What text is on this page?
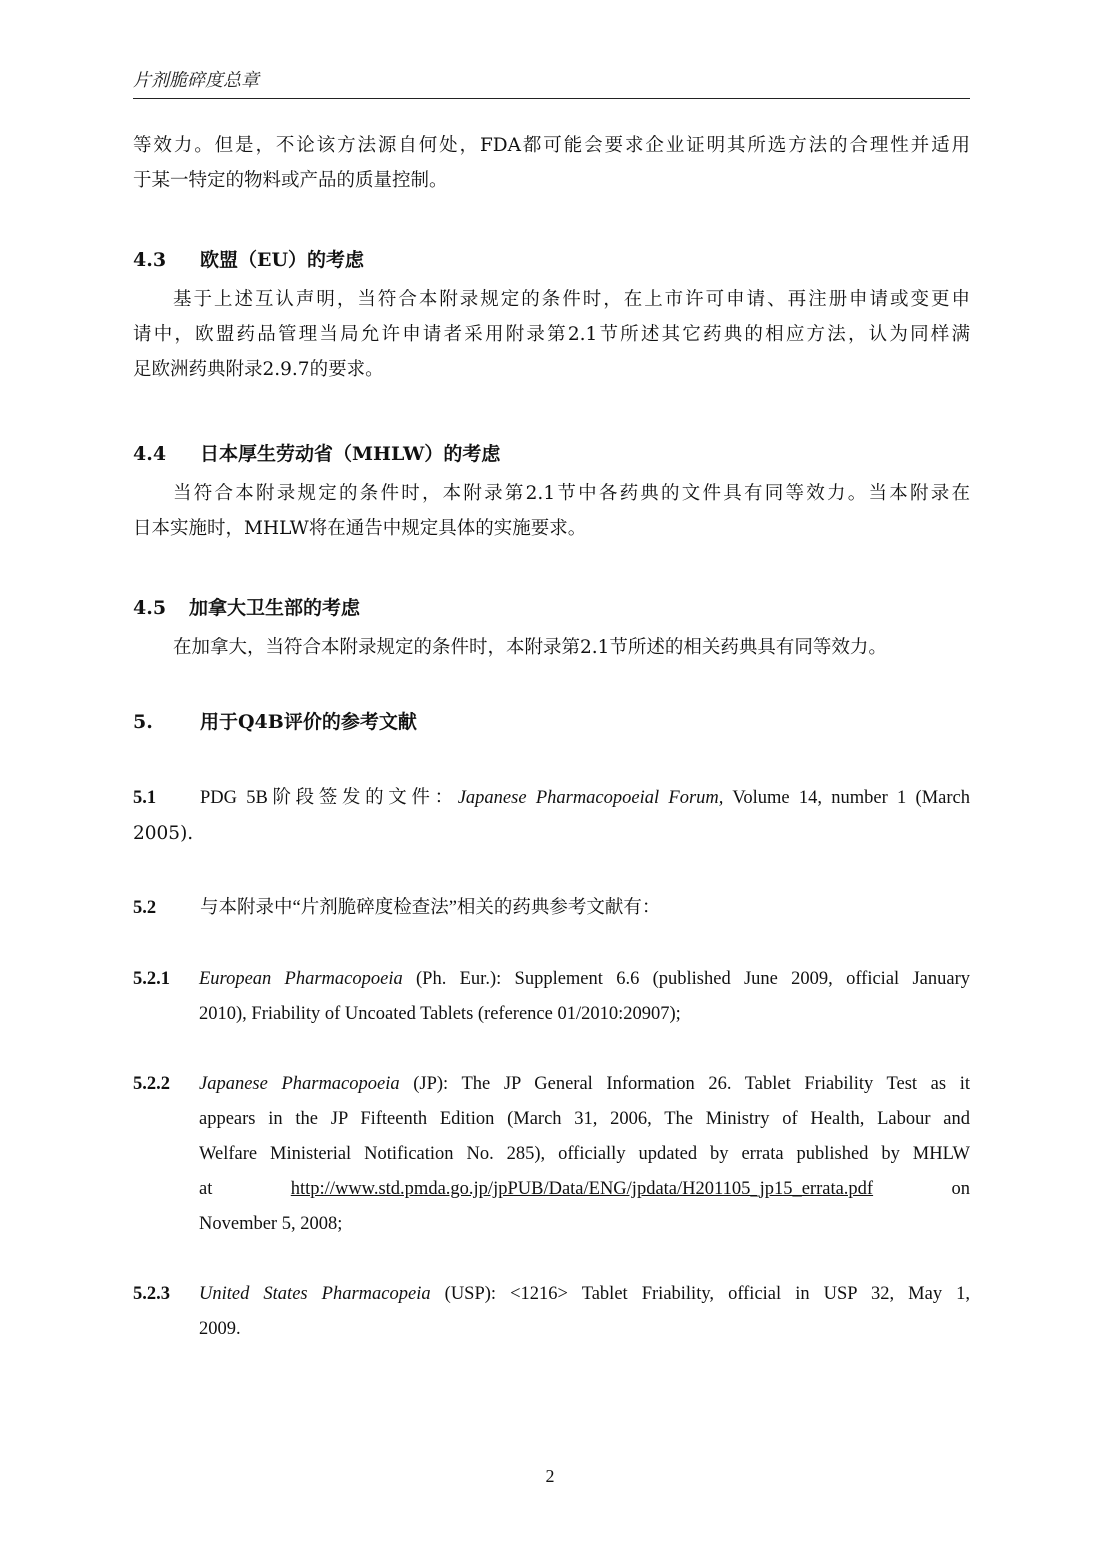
片剂脆碎度总章
等效力。但是，不论该方法源自何处，FDA都可能会要求企业证明其所选方法的合理性并适用
于某一特定的物料或产品的质量控制。
4.3 欧盟（EU）的考虑
基于上述互认声明，当符合本附录规定的条件时，在上市许可申请、再注册申请或变更申
请中，欧盟药品管理当局允许申请者采用附录第2.1节所述其它药典的相应方法，认为同样满
足欧洲药典附录2.9.7的要求。
4.4 日本厚生劳动省（MHLW）的考虑
当符合本附录规定的条件时，本附录第2.1节中各药典的文件具有同等效力。当本附录在
日本实施时，MHLW将在通告中规定具体的实施要求。
4.5 加拿大卫生部的考虑
在加拿大，当符合本附录规定的条件时，本附录第2.1节所述的相关药典具有同等效力。
5. 用于Q4B评价的参考文献
5.1 PDG 5B阶段签发的文件：Japanese Pharmacopoeial Forum, Volume 14, number 1 (March
2005).
5.2 与本附录中“片剂脆碎度检查法”相关的药典参考文献有：
5.2.1 European Pharmacopoeia (Ph. Eur.): Supplement 6.6 (published June 2009, official January
2010), Friability of Uncoated Tablets (reference 01/2010:20907);
5.2.2 Japanese Pharmacopoeia (JP): The JP General Information 26. Tablet Friability Test as it
appears in the JP Fifteenth Edition (March 31, 2006, The Ministry of Health, Labour and
Welfare Ministerial Notification No. 285), officially updated by errata published by MHLW
at	http://www.std.pmda.go.jp/jpPUB/Data/ENG/jpdata/H201105_jp15_errata.pdf	on
November 5, 2008;
5.2.3 United States Pharmacopeia (USP): <1216> Tablet Friability, official in USP 32, May 1,
2009.
2
